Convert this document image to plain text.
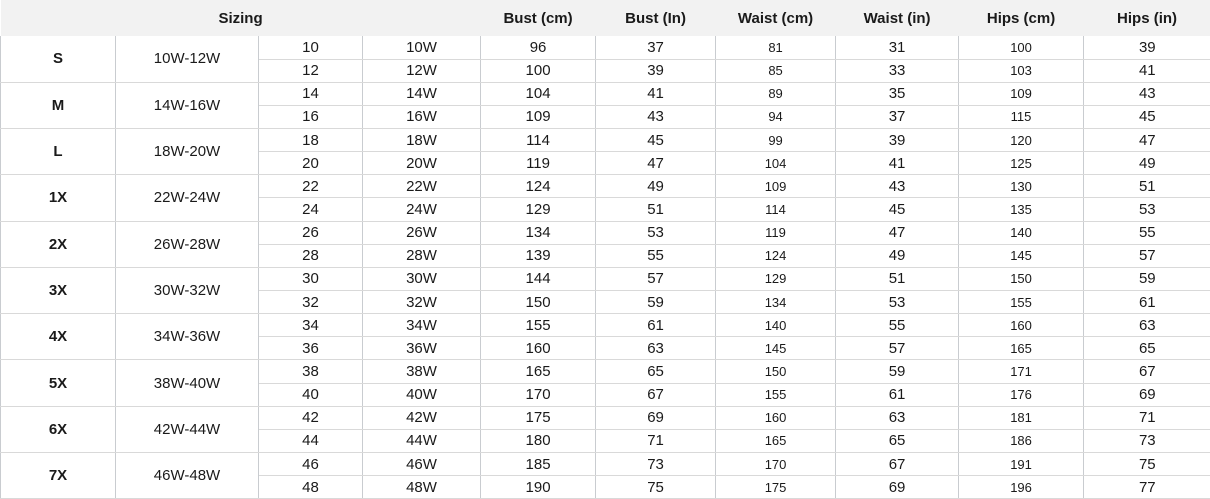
Sizing				Bust (cm)	Bust (In)	Waist (cm)	Waist (in)	Hips (cm)	Hips (in)
S	10W-12W	10	10W	96	37	81	31	100	39
		12	12W	100	39	85	33	103	41
M	14W-16W	14	14W	104	41	89	35	109	43
		16	16W	109	43	94	37	115	45
L	18W-20W	18	18W	114	45	99	39	120	47
		20	20W	119	47	104	41	125	49
1X	22W-24W	22	22W	124	49	109	43	130	51
		24	24W	129	51	114	45	135	53
2X	26W-28W	26	26W	134	53	119	47	140	55
		28	28W	139	55	124	49	145	57
3X	30W-32W	30	30W	144	57	129	51	150	59
		32	32W	150	59	134	53	155	61
4X	34W-36W	34	34W	155	61	140	55	160	63
		36	36W	160	63	145	57	165	65
5X	38W-40W	38	38W	165	65	150	59	171	67
		40	40W	170	67	155	61	176	69
6X	42W-44W	42	42W	175	69	160	63	181	71
		44	44W	180	71	165	65	186	73
7X	46W-48W	46	46W	185	73	170	67	191	75
		48	48W	190	75	175	69	196	77
